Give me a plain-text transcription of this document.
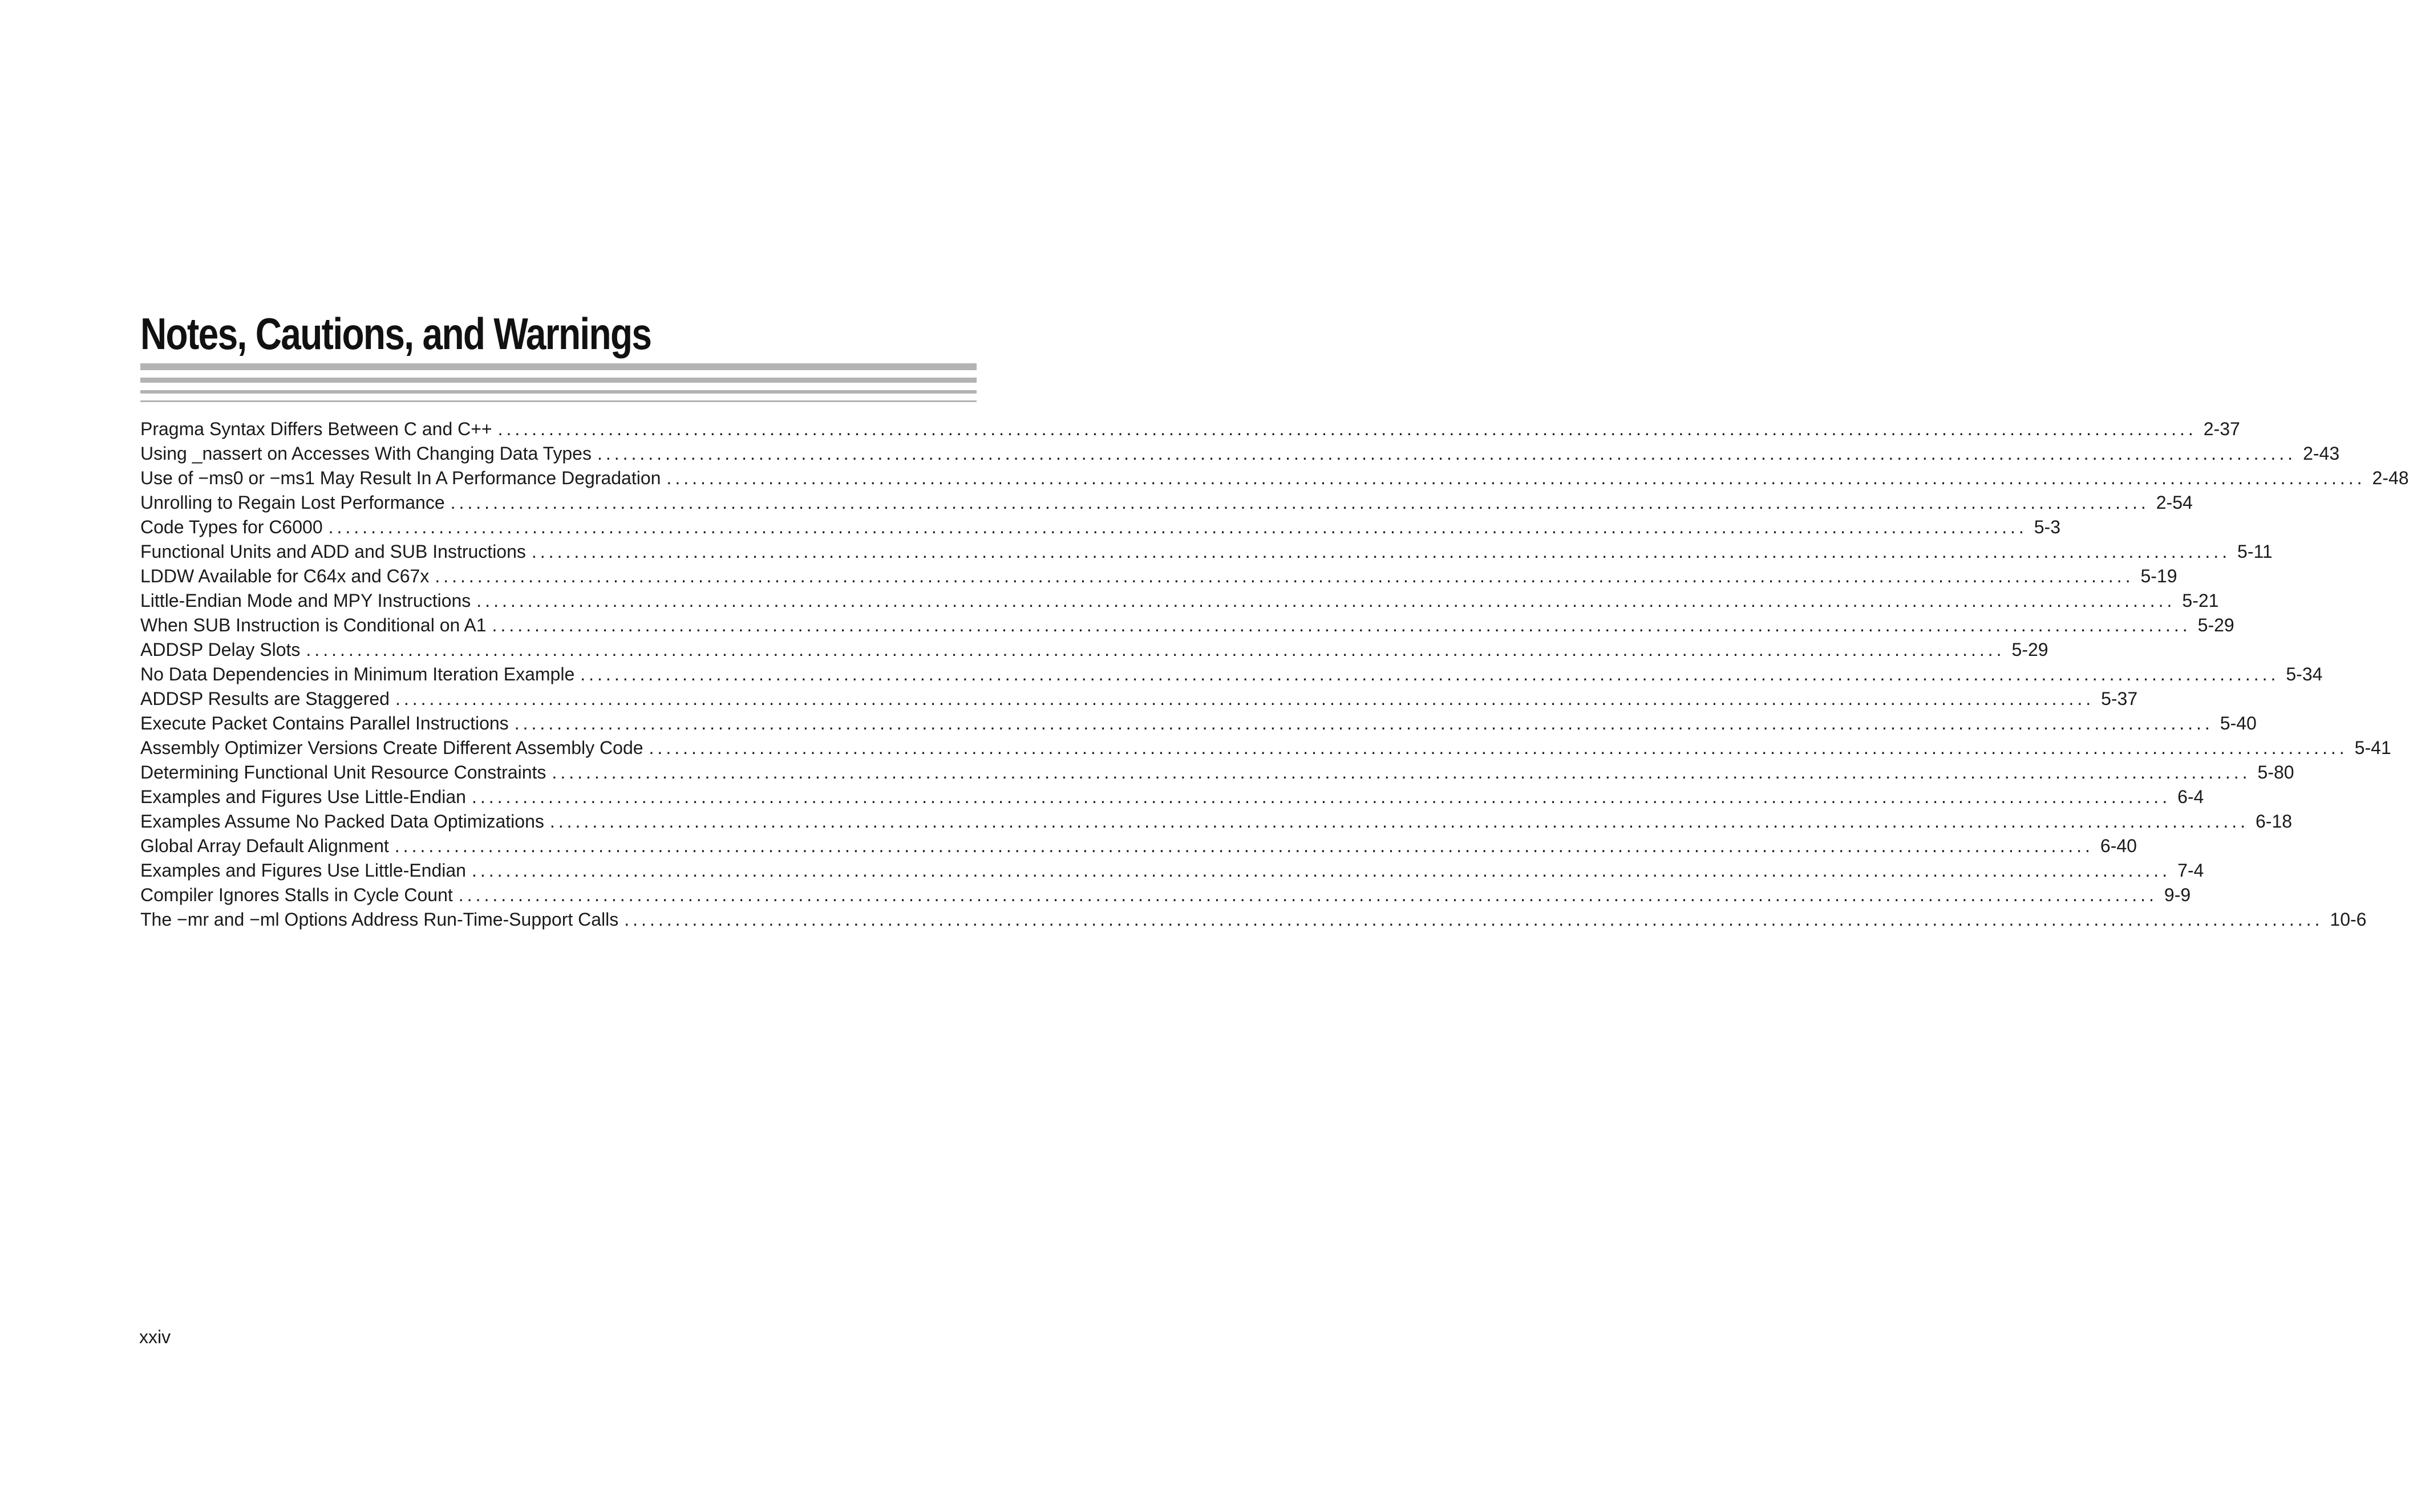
Notes, Cautions, and Warnings
Pragma Syntax Differs Between C and C++ ........................................................................................................................................................................................................ 2-37
Using _nassert on Accesses With Changing Data Types ........................................................................................................................................................................................................ 2-43
Use of −ms0 or −ms1 May Result In A Performance Degradation ........................................................................................................................................................................................................ 2-48
Unrolling to Regain Lost Performance ........................................................................................................................................................................................................ 2-54
Code Types for C6000 ........................................................................................................................................................................................................ 5-3
Functional Units and ADD and SUB Instructions ........................................................................................................................................................................................................ 5-11
LDDW Available for C64x and C67x ........................................................................................................................................................................................................ 5-19
Little-Endian Mode and MPY Instructions ........................................................................................................................................................................................................ 5-21
When SUB Instruction is Conditional on A1 ........................................................................................................................................................................................................ 5-29
ADDSP Delay Slots ........................................................................................................................................................................................................ 5-29
No Data Dependencies in Minimum Iteration Example ........................................................................................................................................................................................................ 5-34
ADDSP Results are Staggered ........................................................................................................................................................................................................ 5-37
Execute Packet Contains Parallel Instructions ........................................................................................................................................................................................................ 5-40
Assembly Optimizer Versions Create Different Assembly Code ........................................................................................................................................................................................................ 5-41
Determining Functional Unit Resource Constraints ........................................................................................................................................................................................................ 5-80
Examples and Figures Use Little-Endian ........................................................................................................................................................................................................ 6-4
Examples Assume No Packed Data Optimizations ........................................................................................................................................................................................................ 6-18
Global Array Default Alignment ........................................................................................................................................................................................................ 6-40
Examples and Figures Use Little-Endian ........................................................................................................................................................................................................ 7-4
Compiler Ignores Stalls in Cycle Count ........................................................................................................................................................................................................ 9-9
The −mr and −ml Options Address Run-Time-Support Calls ........................................................................................................................................................................................................ 10-6
xxiv
